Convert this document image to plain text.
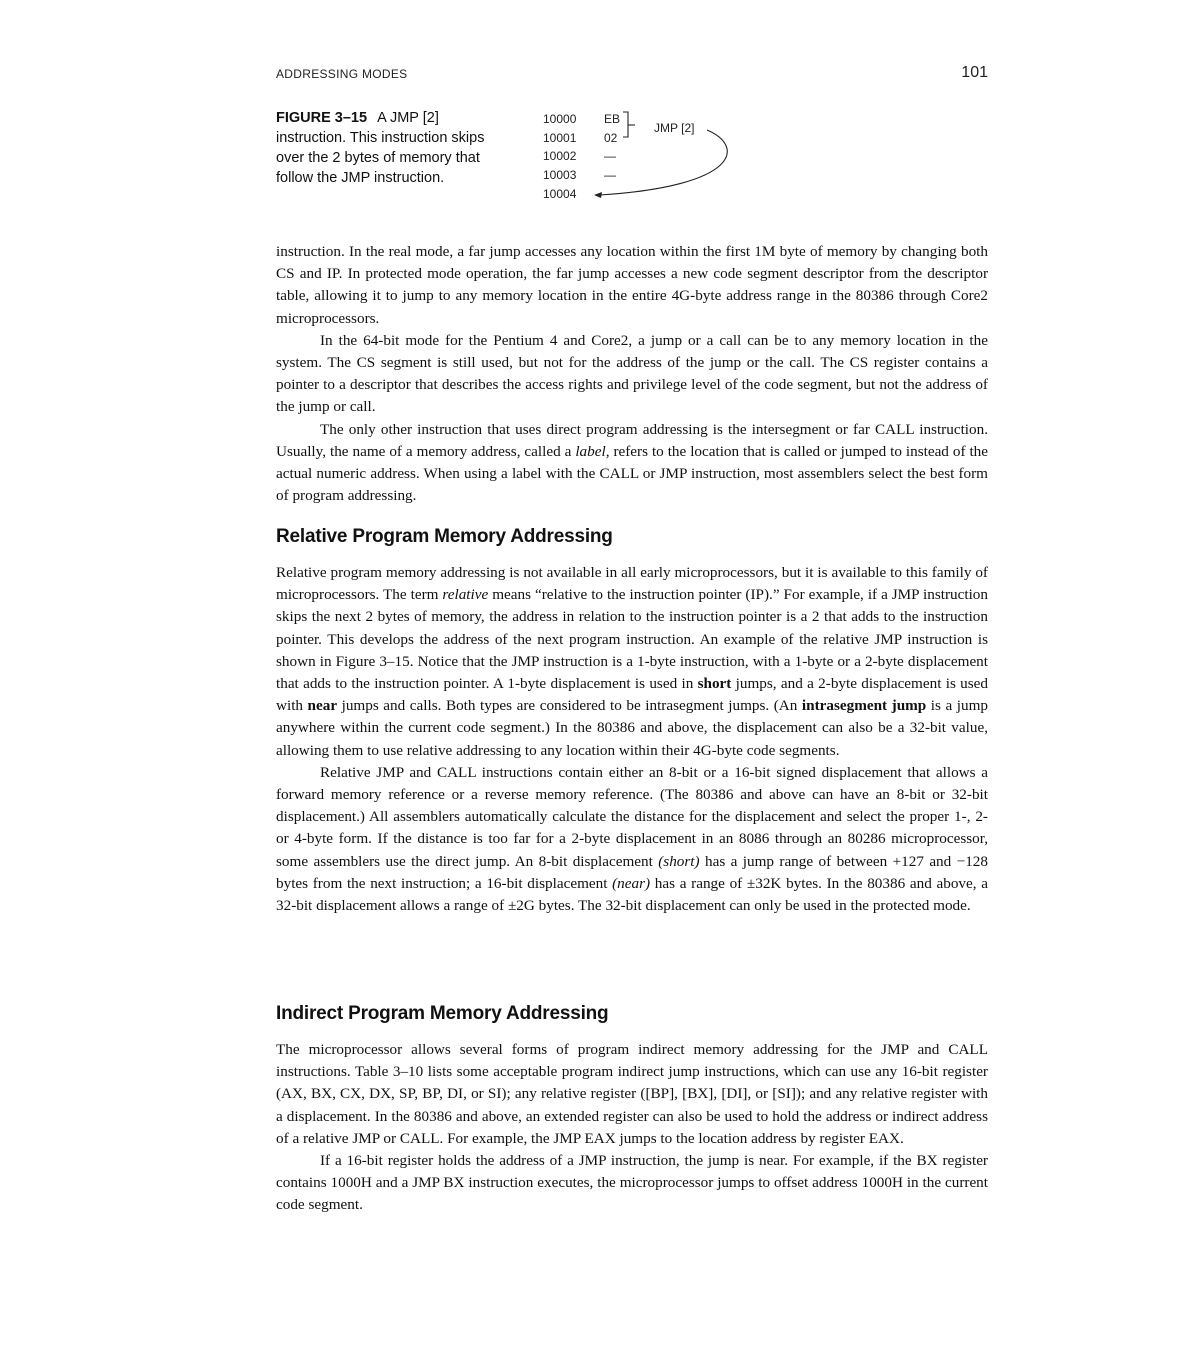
ADDRESSING MODES	101
FIGURE 3–15 A JMP [2] instruction. This instruction skips over the 2 bytes of memory that follow the JMP instruction.
10000	EB
10001	02
10002	—
10003	—
10004
JMP [2]

instruction. In the real mode, a far jump accesses any location within the first 1M byte of memory by changing both CS and IP. In protected mode operation, the far jump accesses a new code segment descriptor from the descriptor table, allowing it to jump to any memory location in the entire 4G-byte address range in the 80386 through Core2 microprocessors.

In the 64-bit mode for the Pentium 4 and Core2, a jump or a call can be to any memory location in the system. The CS segment is still used, but not for the address of the jump or the call. The CS register contains a pointer to a descriptor that describes the access rights and privilege level of the code segment, but not the address of the jump or call.

The only other instruction that uses direct program addressing is the intersegment or far CALL instruction. Usually, the name of a memory address, called a label, refers to the location that is called or jumped to instead of the actual numeric address. When using a label with the CALL or JMP instruction, most assemblers select the best form of program addressing.

Relative Program Memory Addressing

Relative program memory addressing is not available in all early microprocessors, but it is available to this family of microprocessors. The term relative means “relative to the instruction pointer (IP).” For example, if a JMP instruction skips the next 2 bytes of memory, the address in relation to the instruction pointer is a 2 that adds to the instruction pointer. This develops the address of the next program instruction. An example of the relative JMP instruction is shown in Figure 3–15. Notice that the JMP instruction is a 1-byte instruction, with a 1-byte or a 2-byte displacement that adds to the instruction pointer. A 1-byte displacement is used in short jumps, and a 2-byte displacement is used with near jumps and calls. Both types are considered to be intrasegment jumps. (An intrasegment jump is a jump anywhere within the current code segment.) In the 80386 and above, the displacement can also be a 32-bit value, allowing them to use relative addressing to any location within their 4G-byte code segments.

Relative JMP and CALL instructions contain either an 8-bit or a 16-bit signed displacement that allows a forward memory reference or a reverse memory reference. (The 80386 and above can have an 8-bit or 32-bit displacement.) All assemblers automatically calculate the distance for the displacement and select the proper 1-, 2- or 4-byte form. If the distance is too far for a 2-byte displacement in an 8086 through an 80286 microprocessor, some assemblers use the direct jump. An 8-bit displacement (short) has a jump range of between +127 and −128 bytes from the next instruction; a 16-bit displacement (near) has a range of ±32K bytes. In the 80386 and above, a 32-bit displacement allows a range of ±2G bytes. The 32-bit displacement can only be used in the protected mode.

Indirect Program Memory Addressing

The microprocessor allows several forms of program indirect memory addressing for the JMP and CALL instructions. Table 3–10 lists some acceptable program indirect jump instructions, which can use any 16-bit register (AX, BX, CX, DX, SP, BP, DI, or SI); any relative register ([BP], [BX], [DI], or [SI]); and any relative register with a displacement. In the 80386 and above, an extended register can also be used to hold the address or indirect address of a relative JMP or CALL. For example, the JMP EAX jumps to the location address by register EAX.

If a 16-bit register holds the address of a JMP instruction, the jump is near. For example, if the BX register contains 1000H and a JMP BX instruction executes, the microprocessor jumps to offset address 1000H in the current code segment.
